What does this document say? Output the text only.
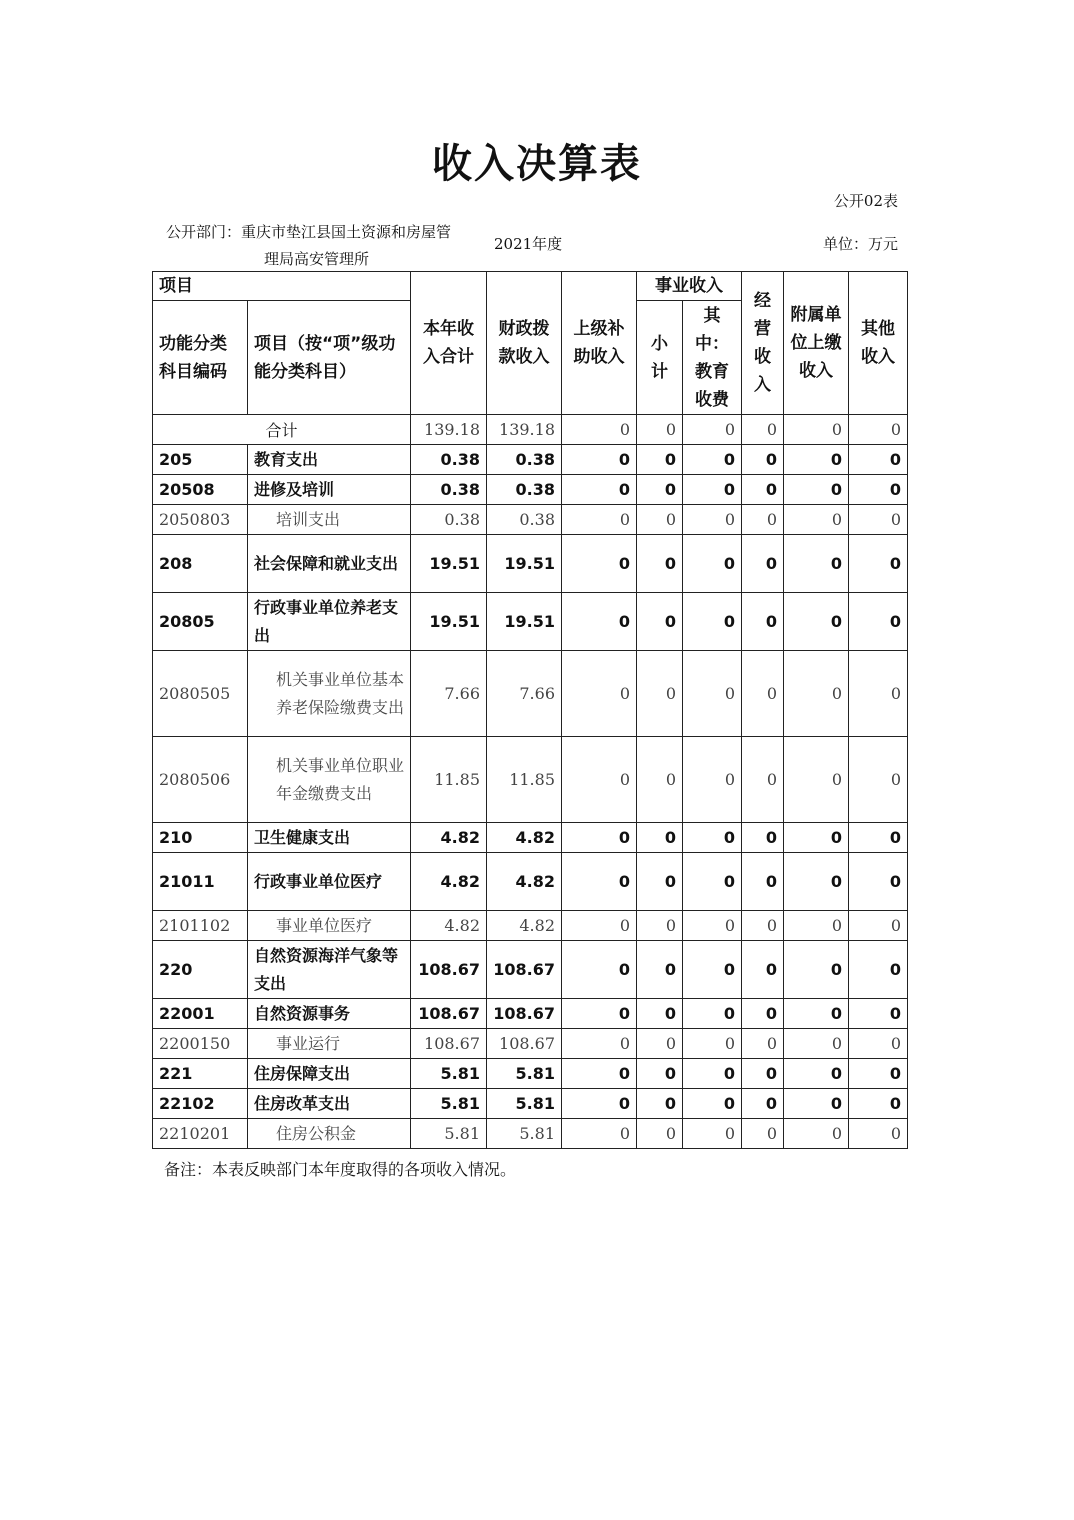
收入决算表
公开02表
公开部门：重庆市垫江县国土资源和房屋管
理局高安管理所
2021年度	单位：万元
项目		本年收入合计	财政拨款收入	上级补助收入	事业收入		经营收入	附属单位上缴收入	其他收入

功能分类科目编码	项目（按“项”级功能分类科目）				小计	其中：教育收费			
合计		139.18	139.18	0	0	0	0	0	0
205	教育支出	0.38	0.38	0	0	0	0	0	0
20508	进修及培训	0.38	0.38	0	0	0	0	0	0
2050803	培训支出	0.38	0.38	0	0	0	0	0	0
208	社会保障和就业支出	19.51	19.51	0	0	0	0	0	0
20805	行政事业单位养老支出	19.51	19.51	0	0	0	0	0	0
2080505	机关事业单位基本养老保险缴费支出	7.66	7.66	0	0	0	0	0	0
2080506	机关事业单位职业年金缴费支出	11.85	11.85	0	0	0	0	0	0
210	卫生健康支出	4.82	4.82	0	0	0	0	0	0
21011	行政事业单位医疗	4.82	4.82	0	0	0	0	0	0
2101102	事业单位医疗	4.82	4.82	0	0	0	0	0	0
220	自然资源海洋气象等支出	108.67	108.67	0	0	0	0	0	0
22001	自然资源事务	108.67	108.67	0	0	0	0	0	0
2200150	事业运行	108.67	108.67	0	0	0	0	0	0
221	住房保障支出	5.81	5.81	0	0	0	0	0	0
22102	住房改革支出	5.81	5.81	0	0	0	0	0	0
2210201	住房公积金	5.81	5.81	0	0	0	0	0	0
备注：本表反映部门本年度取得的各项收入情况。
